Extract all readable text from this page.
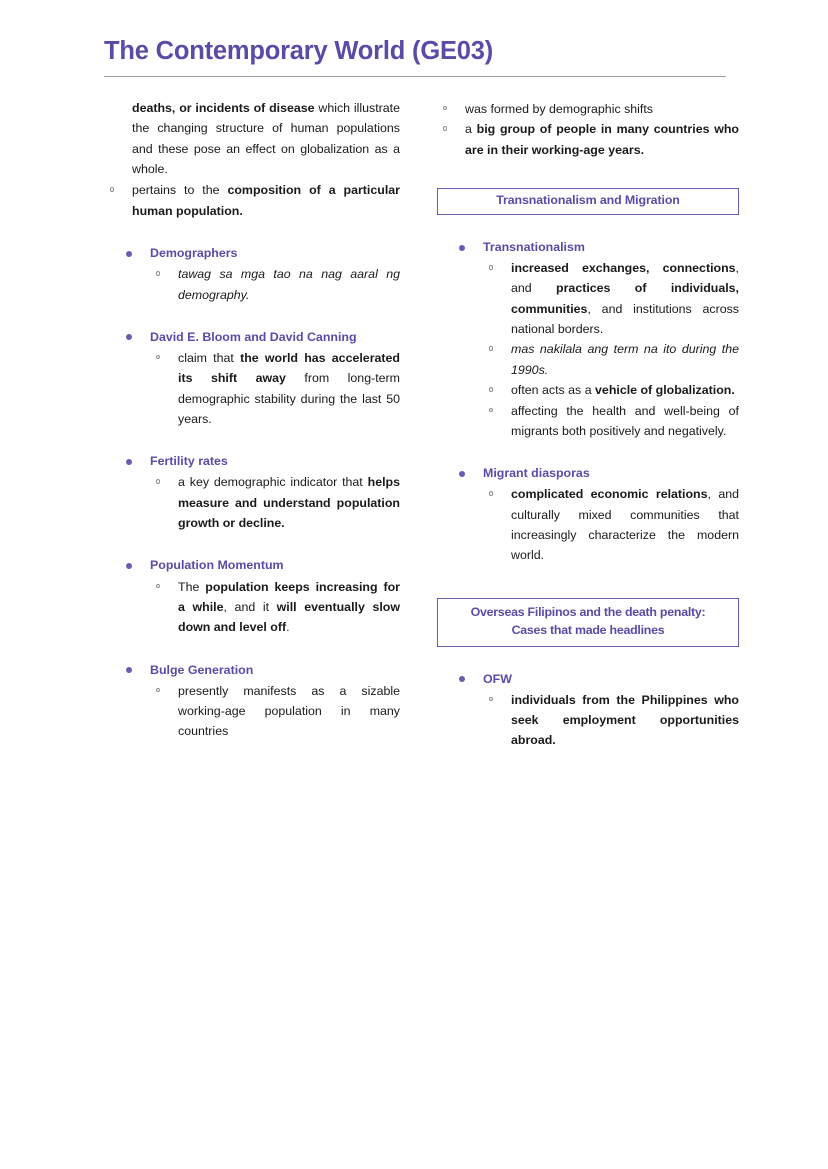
The Contemporary World (GE03)
deaths, or incidents of disease which illustrate the changing structure of human populations and these pose an effect on globalization as a whole.
pertains to the composition of a particular human population.
Demographers
tawag sa mga tao na nag aaral ng demography.
David E. Bloom and David Canning
claim that the world has accelerated its shift away from long-term demographic stability during the last 50 years.
Fertility rates
a key demographic indicator that helps measure and understand population growth or decline.
Population Momentum
The population keeps increasing for a while, and it will eventually slow down and level off.
Bulge Generation
presently manifests as a sizable working-age population in many countries
was formed by demographic shifts
a big group of people in many countries who are in their working-age years.
Transnationalism and Migration
Transnationalism
increased exchanges, connections, and practices of individuals, communities, and institutions across national borders.
mas nakilala ang term na ito during the 1990s.
often acts as a vehicle of globalization.
affecting the health and well-being of migrants both positively and negatively.
Migrant diasporas
complicated economic relations, and culturally mixed communities that increasingly characterize the modern world.
Overseas Filipinos and the death penalty:
Cases that made headlines
OFW
individuals from the Philippines who seek employment opportunities abroad.
